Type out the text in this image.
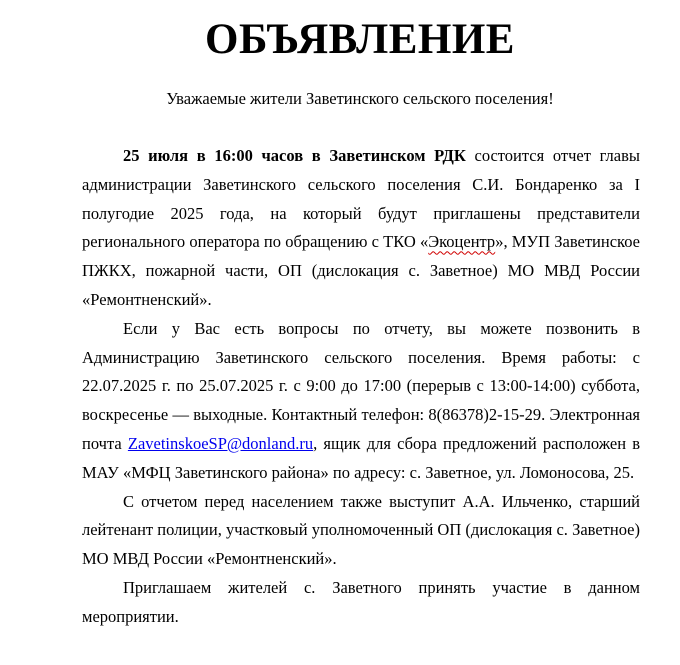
ОБЪЯВЛЕНИЕ

Уважаемые жители Заветинского сельского поселения!

25 июля в 16:00 часов в Заветинском РДК состоится отчет главы администрации Заветинского сельского поселения С.И. Бондаренко за I полугодие 2025 года, на который будут приглашены представители регионального оператора по обращению с ТКО «Экоцентр», МУП Заветинское ПЖКХ, пожарной части, ОП (дислокация с. Заветное) МО МВД России «Ремонтненский».

Если у Вас есть вопросы по отчету, вы можете позвонить в Администрацию Заветинского сельского поселения. Время работы: с 22.07.2025 г. по 25.07.2025 г. с 9:00 до 17:00 (перерыв с 13:00-14:00) суббота, воскресенье — выходные. Контактный телефон: 8(86378)2-15-29. Электронная почта ZavetinskoeSP@donland.ru, ящик для сбора предложений расположен в МАУ «МФЦ Заветинского района» по адресу: с. Заветное, ул. Ломоносова, 25.

С отчетом перед населением также выступит А.А. Ильченко, старший лейтенант полиции, участковый уполномоченный ОП (дислокация с. Заветное) МО МВД России «Ремонтненский».

Приглашаем жителей с. Заветного принять участие в данном мероприятии.
